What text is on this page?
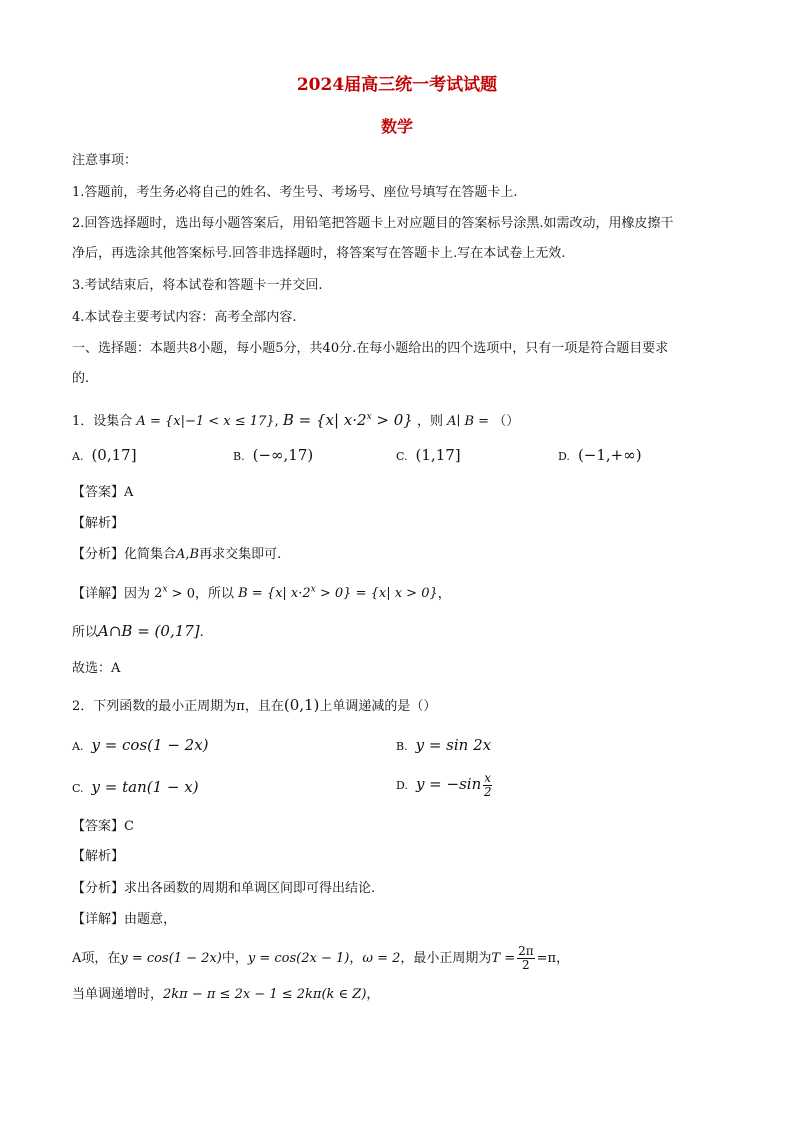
2024届高三统一考试试题
数学
注意事项：
1.答题前，考生务必将自己的姓名、考生号、考场号、座位号填写在答题卡上.
2.回答选择题时，选出每小题答案后，用铅笔把答题卡上对应题目的答案标号涂黑.如需改动，用橡皮擦干
净后，再选涂其他答案标号.回答非选择题时，将答案写在答题卡上.写在本试卷上无效.
3.考试结束后，将本试卷和答题卡一并交回.
4.本试卷主要考试内容：高考全部内容.
一、选择题：本题共8小题，每小题5分，共40分.在每小题给出的四个选项中，只有一项是符合题目要求
的.
1．设集合 A = {x|−1 < x ≤ 17}, B = {x| $x\cdot 2^x > 0$} ，则 A∣ B = （）
A. (0,17]	B. (−∞,17)	C. (1,17]	D. (−1,+∞)
【答案】A
【解析】
【分析】化简集合A,B再求交集即可.
【详解】因为 $2^x > 0$，所以 B = {x| $x\cdot 2^x > 0\} = \{x|$ x > 0}，
所以A∩B = (0,17].
故选：A
2．下列函数的最小正周期为π，且在(0,1)上单调递减的是（）
A. y = cos(1 − 2x)	B. y = sin 2x
C. y = tan(1 − x)	D. $y = -\sin \frac{x}{2}$
【答案】C
【解析】
【分析】求出各函数的周期和单调区间即可得出结论.
【详解】由题意，
A项，在y = cos(1 − 2x)中，y = cos(2x − 1)，ω = 2，最小正周期为$T = \frac{2\pi}{2} =\pi$，
当单调递增时，2kπ − π ≤ 2x − 1 ≤ 2kπ(k ∈ Z)，
